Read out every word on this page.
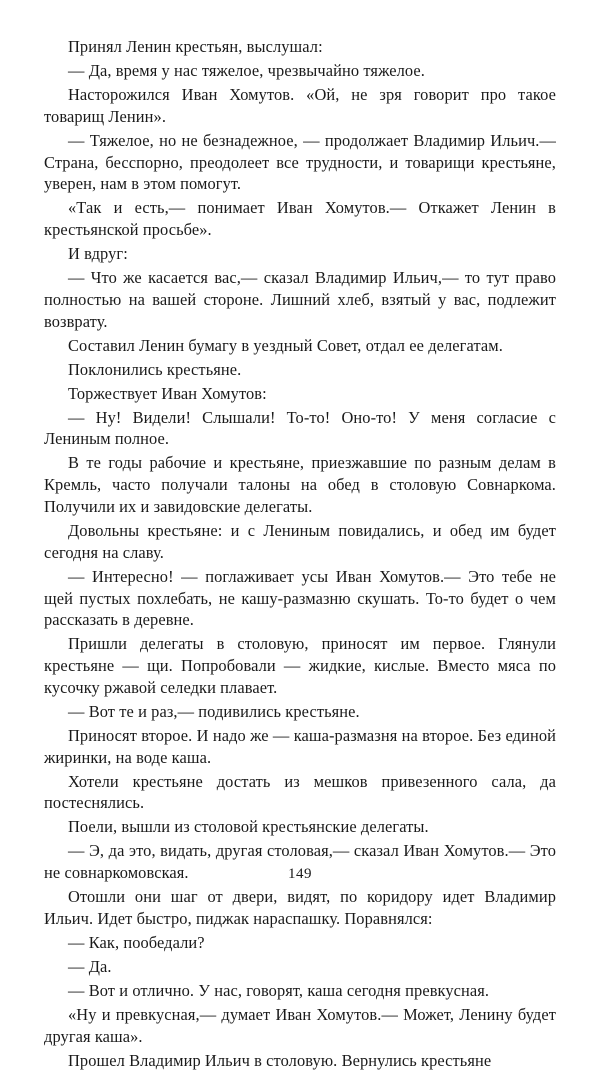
Принял Ленин крестьян, выслушал:

— Да, время у нас тяжелое, чрезвычайно тяжелое.

Насторожился Иван Хомутов. «Ой, не зря говорит про такое товарищ Ленин».

— Тяжелое, но не безнадежное, — продолжает Владимир Ильич.— Страна, бесспорно, преодолеет все трудности, и товарищи крестьяне, уверен, нам в этом помогут.

«Так и есть,— понимает Иван Хомутов.— Откажет Ленин в крестьянской просьбе».

И вдруг:

— Что же касается вас,— сказал Владимир Ильич,— то тут право полностью на вашей стороне. Лишний хлеб, взятый у вас, подлежит возврату.

Составил Ленин бумагу в уездный Совет, отдал ее делегатам.

Поклонились крестьяне.

Торжествует Иван Хомутов:

— Ну! Видели! Слышали! То-то! Оно-то! У меня согласие с Лениным полное.

В те годы рабочие и крестьяне, приезжавшие по разным делам в Кремль, часто получали талоны на обед в столовую Совнаркома. Получили их и завидовские делегаты.

Довольны крестьяне: и с Лениным повидались, и обед им будет сегодня на славу.

— Интересно! — поглаживает усы Иван Хомутов.— Это тебе не щей пустых похлебать, не кашу-размазню скушать. То-то будет о чем рассказать в деревне.

Пришли делегаты в столовую, приносят им первое. Глянули крестьяне — щи. Попробовали — жидкие, кислые. Вместо мяса по кусочку ржавой селедки плавает.

— Вот те и раз,— подивились крестьяне.

Приносят второе. И надо же — каша-размазня на второе. Без единой жиринки, на воде каша.

Хотели крестьяне достать из мешков привезенного сала, да постеснялись.

Поели, вышли из столовой крестьянские делегаты.

— Э, да это, видать, другая столовая,— сказал Иван Хомутов.— Это не совнаркомовская.

Отошли они шаг от двери, видят, по коридору идет Владимир Ильич. Идет быстро, пиджак нараспашку. Поравнялся:

— Как, пообедали?

— Да.

— Вот и отлично. У нас, говорят, каша сегодня превкусная.

«Ну и превкусная,— думает Иван Хомутов.— Может, Ленину будет другая каша».

Прошел Владимир Ильич в столовую. Вернулись крестьяне

149
